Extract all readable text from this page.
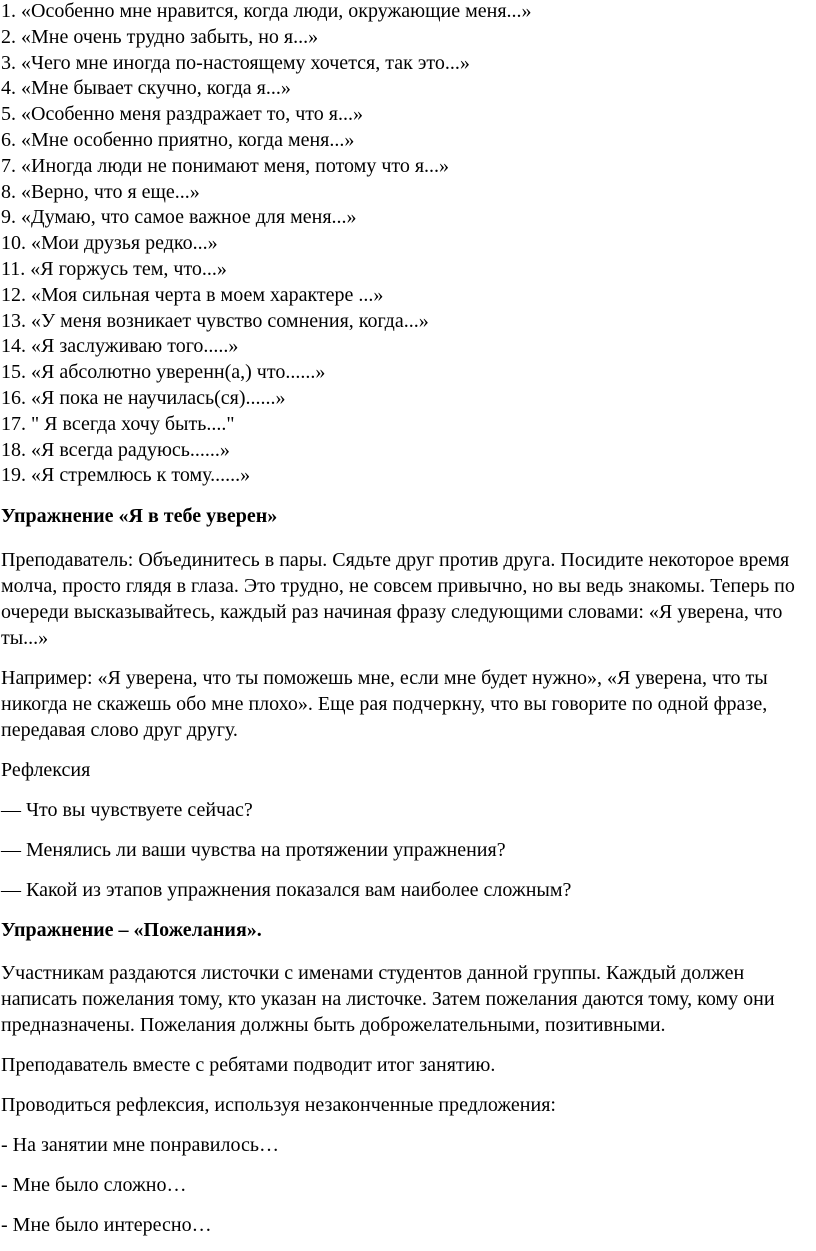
1. «Особенно мне нравится, когда люди, окружающие меня...»

2. «Мне очень трудно забыть, но я...»

3. «Чего мне иногда по-настоящему хочется, так это...»

4. «Мне бывает скучно, когда я...»

5. «Особенно меня раздражает то, что я...»

6. «Мне особенно приятно, когда меня...»

7. «Иногда люди не понимают меня, потому что я...»

8. «Верно, что я еще...»

9. «Думаю, что самое важное для меня...»

10. «Мои друзья редко...»

11. «Я горжусь тем, что...»

12. «Моя сильная черта в моем характере ...»

13. «У меня возникает чувство сомнения, когда...»

14. «Я заслуживаю того.....»

15. «Я абсолютно уверенн(а,) что......»

16. «Я пока не научилась(ся)......»

17. " Я всегда хочу быть...."

18. «Я всегда радуюсь......»

19. «Я стремлюсь к тому......»

Упражнение «Я в тебе уверен»

Преподаватель: Объединитесь в пары. Сядьте друг против друга. Посидите некоторое время молча, просто глядя в глаза. Это трудно, не совсем привычно, но вы ведь знакомы. Теперь по очереди высказывайтесь, каждый раз начиная фразу следующими словами: «Я уверена, что ты...»

Например: «Я уверена, что ты поможешь мне, если мне будет нужно», «Я уверена, что ты никогда не скажешь обо мне плохо». Еще рая подчеркну, что вы говорите по одной фразе, передавая слово друг другу.

Рефлексия

— Что вы чувствуете сейчас?

— Менялись ли ваши чувства на протяжении упражнения?

— Какой из этапов упражнения показался вам наиболее сложным?

Упражнение – «Пожелания».

Участникам раздаются листочки с именами студентов данной группы. Каждый должен написать пожелания тому, кто указан на листочке. Затем пожелания даются тому, кому они предназначены. Пожелания должны быть доброжелательными, позитивными.

Преподаватель вместе с ребятами подводит итог занятию.

Проводиться рефлексия, используя незаконченные предложения:

- На занятии мне понравилось…

- Мне было сложно…

- Мне было интересно…
